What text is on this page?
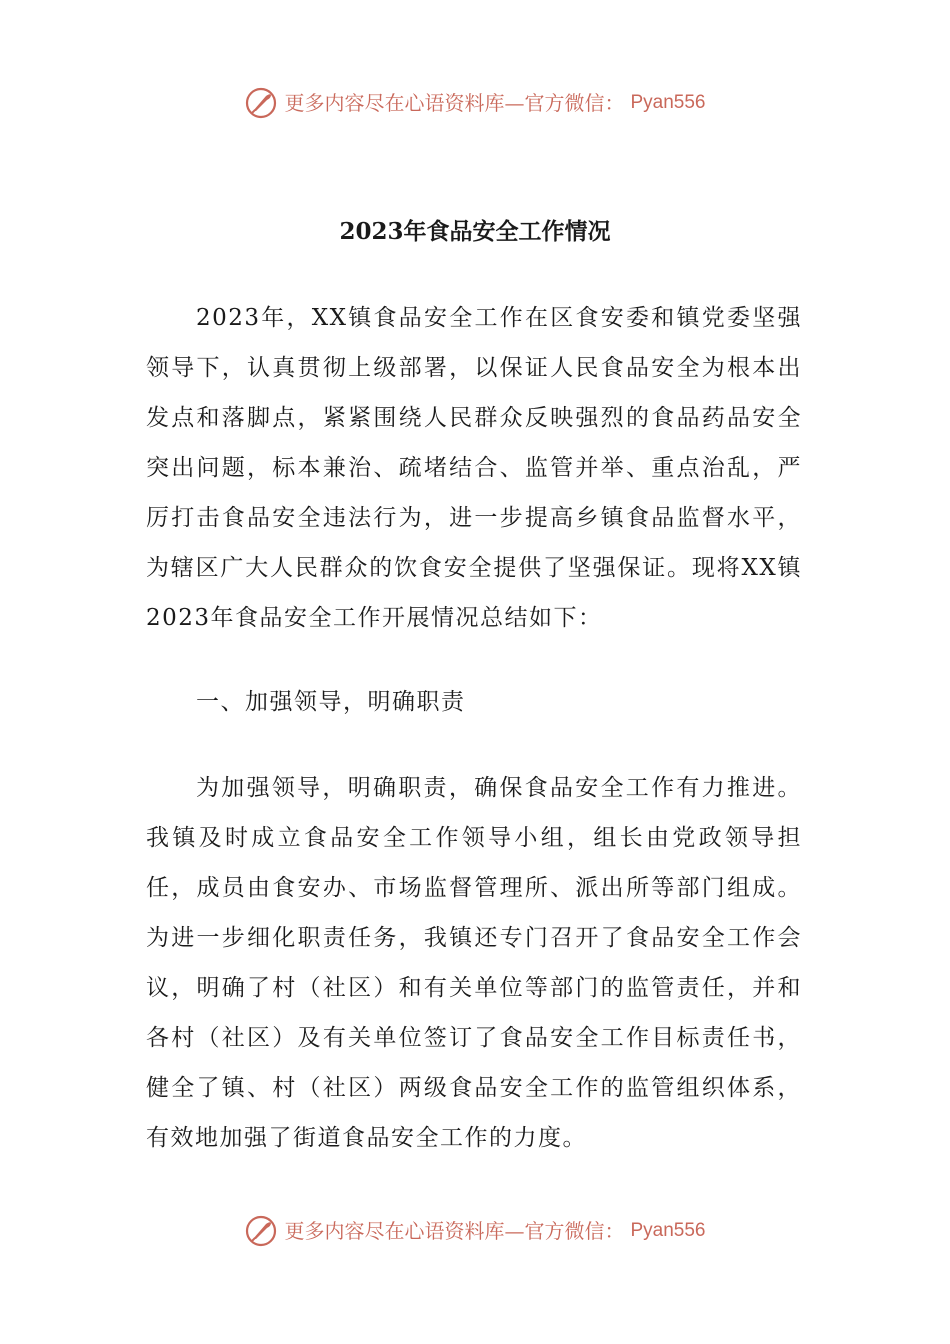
更多内容尽在心语资料库—官方微信： Pyan556
2023年食品安全工作情况

2023年，XX镇食品安全工作在区食安委和镇党委坚强领导下，认真贯彻上级部署，以保证人民食品安全为根本出发点和落脚点，紧紧围绕人民群众反映强烈的食品药品安全突出问题，标本兼治、疏堵结合、监管并举、重点治乱，严厉打击食品安全违法行为，进一步提高乡镇食品监督水平，为辖区广大人民群众的饮食安全提供了坚强保证。现将XX镇2023年食品安全工作开展情况总结如下：

一、加强领导，明确职责

为加强领导，明确职责，确保食品安全工作有力推进。我镇及时成立食品安全工作领导小组，组长由党政领导担任，成员由食安办、市场监督管理所、派出所等部门组成。为进一步细化职责任务，我镇还专门召开了食品安全工作会议，明确了村（社区）和有关单位等部门的监管责任，并和各村（社区）及有关单位签订了食品安全工作目标责任书，健全了镇、村（社区）两级食品安全工作的监管组织体系，有效地加强了街道食品安全工作的力度。

更多内容尽在心语资料库—官方微信： Pyan556
